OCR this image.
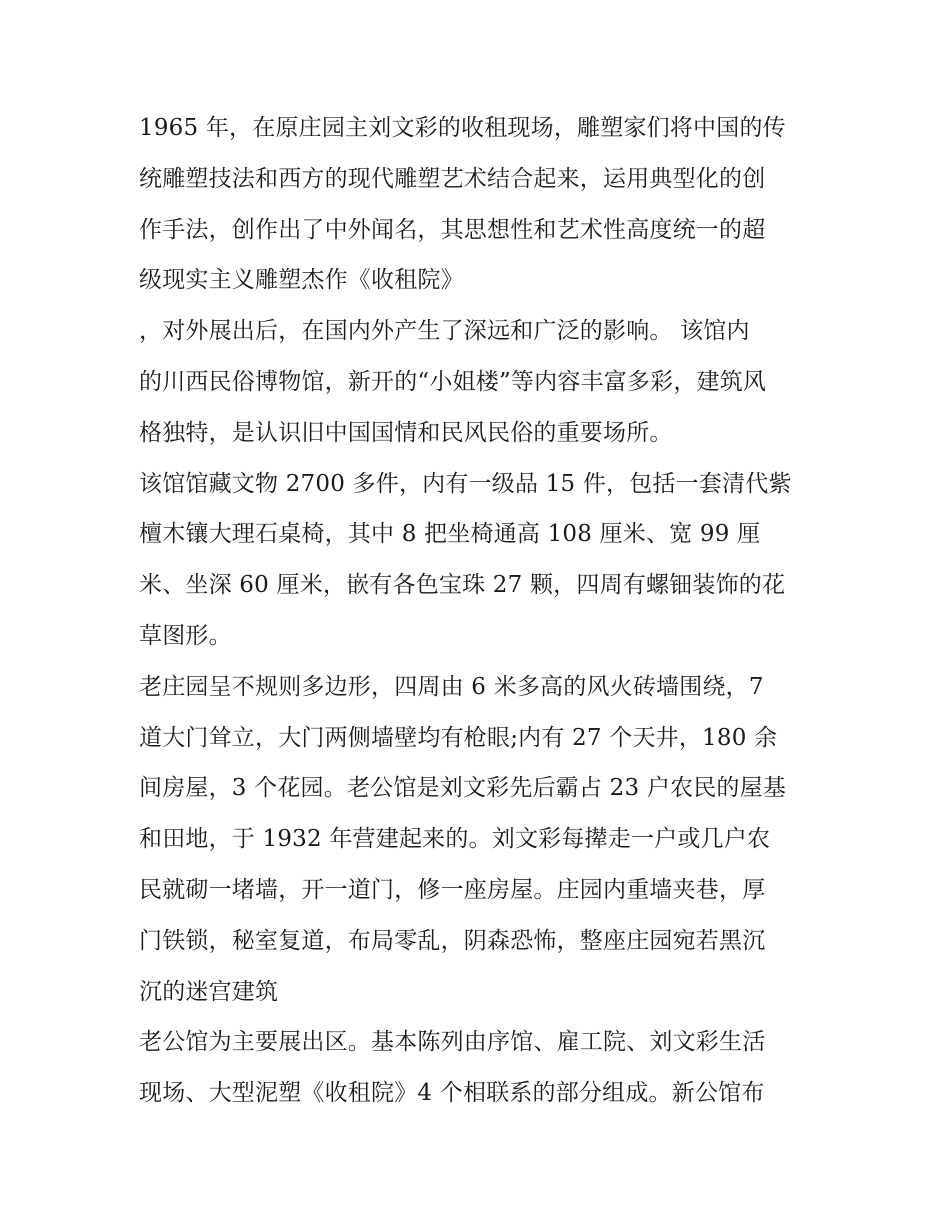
1965 年，在原庄园主刘文彩的收租现场，雕塑家们将中国的传
统雕塑技法和西方的现代雕塑艺术结合起来，运用典型化的创
作手法，创作出了中外闻名，其思想性和艺术性高度统一的超
级现实主义雕塑杰作《收租院》
，对外展出后，在国内外产生了深远和广泛的影响。 该馆内
的川西民俗博物馆，新开的“小姐楼”等内容丰富多彩，建筑风
格独特，是认识旧中国国情和民风民俗的重要场所。
该馆馆藏文物 2700 多件，内有一级品 15 件，包括一套清代紫
檀木镶大理石桌椅，其中 8 把坐椅通高 108 厘米、宽 99 厘
米、坐深 60 厘米，嵌有各色宝珠 27 颗，四周有螺钿装饰的花
草图形。
老庄园呈不规则多边形，四周由 6 米多高的风火砖墙围绕，7
道大门耸立，大门两侧墙壁均有枪眼;内有 27 个天井，180 余
间房屋，3 个花园。老公馆是刘文彩先后霸占 23 户农民的屋基
和田地，于 1932 年营建起来的。刘文彩每撵走一户或几户农
民就砌一堵墙，开一道门，修一座房屋。庄园内重墙夹巷，厚
门铁锁，秘室复道，布局零乱，阴森恐怖，整座庄园宛若黑沉
沉的迷宫建筑
老公馆为主要展出区。基本陈列由序馆、雇工院、刘文彩生活
现场、大型泥塑《收租院》4 个相联系的部分组成。新公馆布
